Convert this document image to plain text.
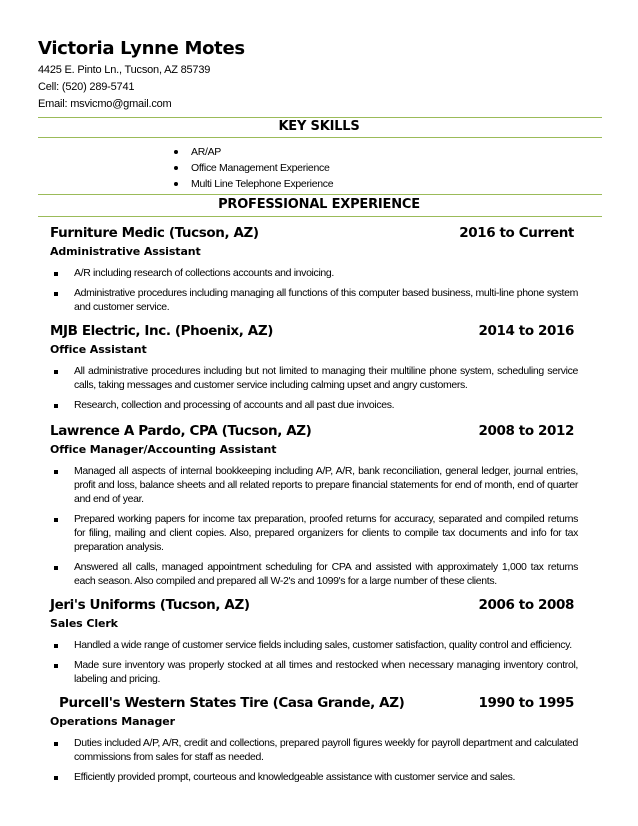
Victoria Lynne Motes
4425 E. Pinto Ln., Tucson, AZ 85739
Cell: (520) 289-5741
Email: msvicmo@gmail.com
KEY SKILLS
AR/AP
Office Management Experience
Multi Line Telephone Experience
PROFESSIONAL EXPERIENCE
Furniture Medic (Tucson, AZ)	2016 to Current
Administrative Assistant
A/R including research of collections accounts and invoicing.
Administrative procedures including managing all functions of this computer based business, multi-line phone system and customer service.
MJB Electric, Inc. (Phoenix, AZ)	2014 to 2016
Office Assistant
All administrative procedures including but not limited to managing their multiline phone system, scheduling service calls, taking messages and customer service including calming upset and angry customers.
Research, collection and processing of accounts and all past due invoices.
Lawrence A Pardo, CPA (Tucson, AZ)	2008 to 2012
Office Manager/Accounting Assistant
Managed all aspects of internal bookkeeping including A/P, A/R, bank reconciliation, general ledger, journal entries, profit and loss, balance sheets and all related reports to prepare financial statements for end of month, end of quarter and end of year.
Prepared working papers for income tax preparation, proofed returns for accuracy, separated and compiled returns for filing, mailing and client copies. Also, prepared organizers for clients to compile tax documents and info for tax preparation analysis.
Answered all calls, managed appointment scheduling for CPA and assisted with approximately 1,000 tax returns each season. Also compiled and prepared all W-2's and 1099's for a large number of these clients.
Jeri's Uniforms (Tucson, AZ)	2006 to 2008
Sales Clerk
Handled a wide range of customer service fields including sales, customer satisfaction, quality control and efficiency.
Made sure inventory was properly stocked at all times and restocked when necessary managing inventory control, labeling and pricing.
Purcell's Western States Tire (Casa Grande, AZ)	1990 to 1995
Operations Manager
Duties included A/P, A/R, credit and collections, prepared payroll figures weekly for payroll department and calculated commissions from sales for staff as needed.
Efficiently provided prompt, courteous and knowledgeable assistance with customer service and sales.
